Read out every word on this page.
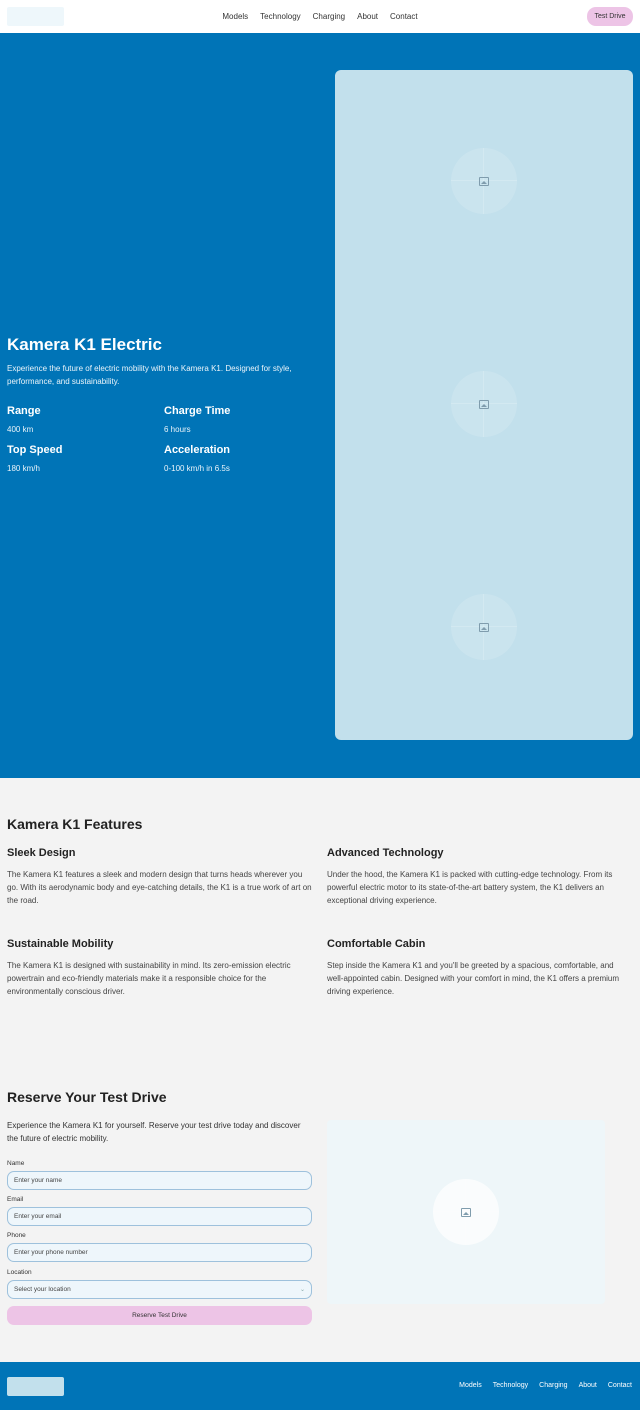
Models Technology Charging About Contact	Test Drive
Kamera K1 Electric

Experience the future of electric mobility with the Kamera K1. Designed for style, performance, and sustainability.

Range
400 km
Charge Time
6 hours
Top Speed
180 km/h
Acceleration
0-100 km/h in 6.5s
Kamera K1 Features
Sleek Design

The Kamera K1 features a sleek and modern design that turns heads wherever you go. With its aerodynamic body and eye-catching details, the K1 is a true work of art on the road.

Advanced Technology

Under the hood, the Kamera K1 is packed with cutting-edge technology. From its powerful electric motor to its state-of-the-art battery system, the K1 delivers an exceptional driving experience.

Sustainable Mobility

The Kamera K1 is designed with sustainability in mind. Its zero-emission electric powertrain and eco-friendly materials make it a responsible choice for the environmentally conscious driver.

Comfortable Cabin

Step inside the Kamera K1 and you'll be greeted by a spacious, comfortable, and well-appointed cabin. Designed with your comfort in mind, the K1 offers a premium driving experience.

Reserve Your Test Drive

Experience the Kamera K1 for yourself. Reserve your test drive today and discover the future of electric mobility.

Name
Enter your name
Email
Enter your email
Phone
Enter your phone number
Location
Select your location	⌄
Reserve Test Drive
Models Technology Charging About Contact
